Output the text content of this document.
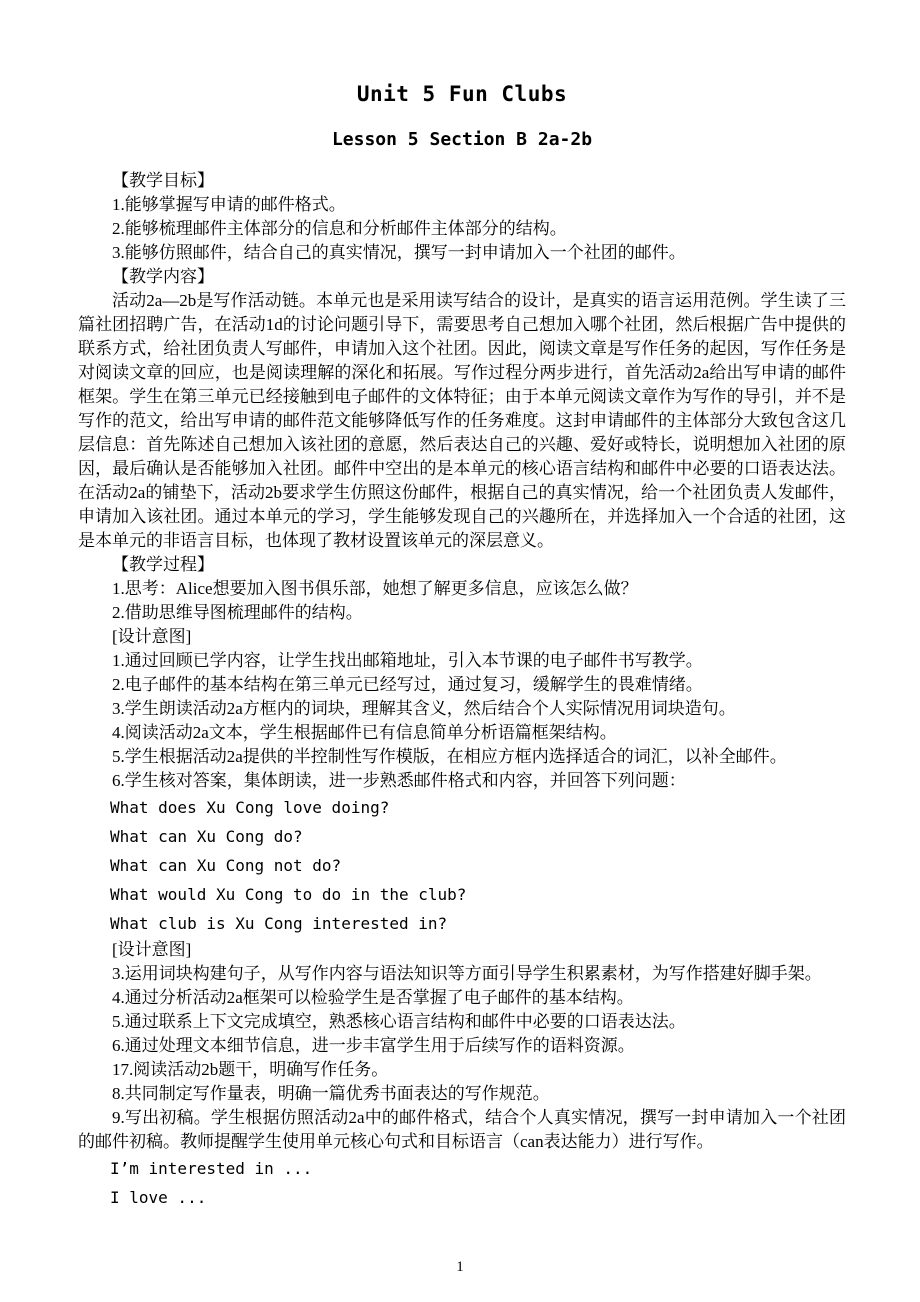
Unit 5 Fun Clubs
Lesson 5 Section B 2a-2b

【教学目标】

1.能够掌握写申请的邮件格式。

2.能够梳理邮件主体部分的信息和分析邮件主体部分的结构。

3.能够仿照邮件，结合自己的真实情况，撰写一封申请加入一个社团的邮件。

【教学内容】

活动2a—2b是写作活动链。本单元也是采用读写结合的设计，是真实的语言运用范例。学生读了三篇社团招聘广告，在活动1d的讨论问题引导下，需要思考自己想加入哪个社团，然后根据广告中提供的联系方式，给社团负责人写邮件，申请加入这个社团。因此，阅读文章是写作任务的起因，写作任务是对阅读文章的回应，也是阅读理解的深化和拓展。写作过程分两步进行，首先活动2a给出写申请的邮件框架。学生在第三单元已经接触到电子邮件的文体特征；由于本单元阅读文章作为写作的导引，并不是写作的范文，给出写申请的邮件范文能够降低写作的任务难度。这封申请邮件的主体部分大致包含这几层信息：首先陈述自己想加入该社团的意愿，然后表达自己的兴趣、爱好或特长，说明想加入社团的原因，最后确认是否能够加入社团。邮件中空出的是本单元的核心语言结构和邮件中必要的口语表达法。在活动2a的铺垫下，活动2b要求学生仿照这份邮件，根据自己的真实情况，给一个社团负责人发邮件，申请加入该社团。通过本单元的学习，学生能够发现自己的兴趣所在，并选择加入一个合适的社团，这是本单元的非语言目标，也体现了教材设置该单元的深层意义。

【教学过程】

1.思考：Alice想要加入图书俱乐部，她想了解更多信息，应该怎么做？

2.借助思维导图梳理邮件的结构。

[设计意图]

1.通过回顾已学内容，让学生找出邮箱地址，引入本节课的电子邮件书写教学。

2.电子邮件的基本结构在第三单元已经写过，通过复习，缓解学生的畏难情绪。

3.学生朗读活动2a方框内的词块，理解其含义，然后结合个人实际情况用词块造句。

4.阅读活动2a文本，学生根据邮件已有信息简单分析语篇框架结构。

5.学生根据活动2a提供的半控制性写作模版，在相应方框内选择适合的词汇，以补全邮件。

6.学生核对答案，集体朗读，进一步熟悉邮件格式和内容，并回答下列问题：

What does Xu Cong love doing?

What can Xu Cong do?

What can Xu Cong not do?

What would Xu Cong to do in the club?

What club is Xu Cong interested in?

[设计意图]

3.运用词块构建句子，从写作内容与语法知识等方面引导学生积累素材，为写作搭建好脚手架。

4.通过分析活动2a框架可以检验学生是否掌握了电子邮件的基本结构。

5.通过联系上下文完成填空，熟悉核心语言结构和邮件中必要的口语表达法。

6.通过处理文本细节信息，进一步丰富学生用于后续写作的语料资源。

17.阅读活动2b题干，明确写作任务。

8.共同制定写作量表，明确一篇优秀书面表达的写作规范。

9.写出初稿。学生根据仿照活动2a中的邮件格式，结合个人真实情况，撰写一封申请加入一个社团的邮件初稿。教师提醒学生使用单元核心句式和目标语言（can表达能力）进行写作。

I’m interested in ...

I love ...

1
